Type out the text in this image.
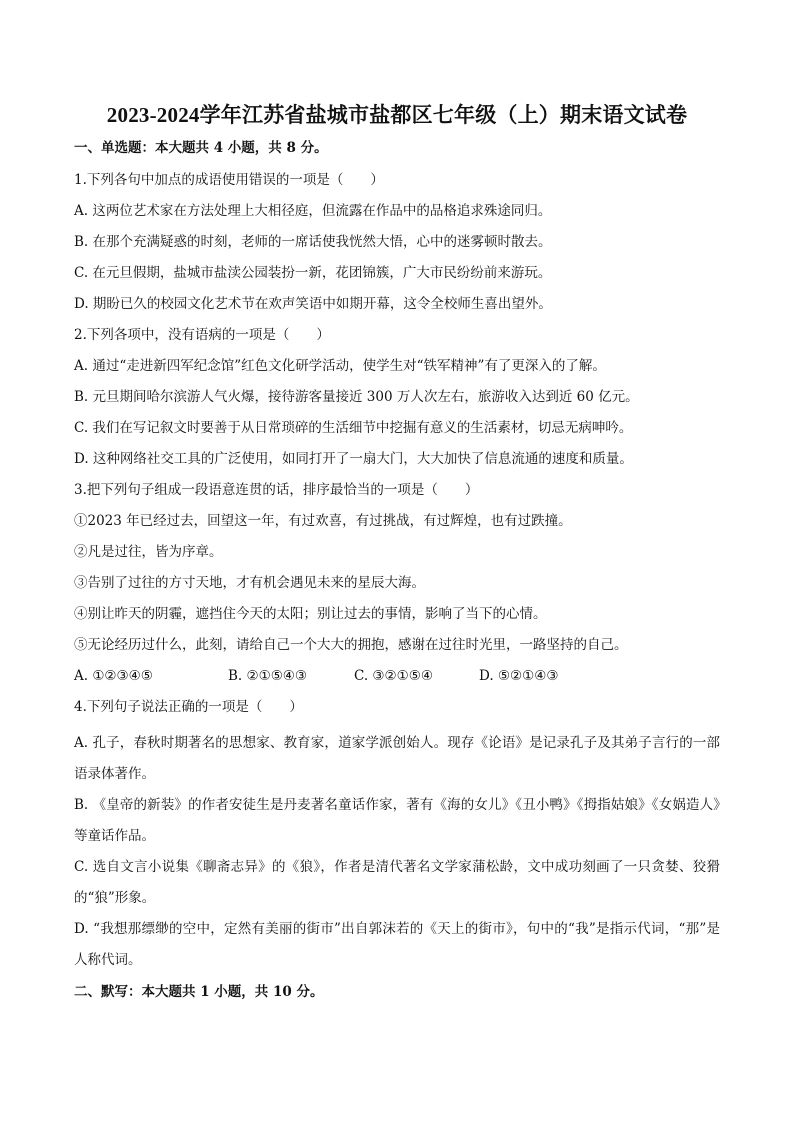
2023-2024学年江苏省盐城市盐都区七年级（上）期末语文试卷
一、单选题：本大题共 4 小题，共 8 分。
1.下列各句中加点的成语使用错误的一项是（　　）
A. 这两位艺术家在方法处理上大相径庭，但流露在作品中的品格追求殊途同归。
B. 在那个充满疑惑的时刻，老师的一席话使我恍然大悟，心中的迷雾顿时散去。
C. 在元旦假期，盐城市盐渎公园装扮一新，花团锦簇，广大市民纷纷前来游玩。
D. 期盼已久的校园文化艺术节在欢声笑语中如期开幕，这令全校师生喜出望外。
2.下列各项中，没有语病的一项是（　　）
A. 通过“走进新四军纪念馆”红色文化研学活动，使学生对“铁军精神”有了更深入的了解。
B. 元旦期间哈尔滨游人气火爆，接待游客量接近 300 万人次左右，旅游收入达到近 60 亿元。
C. 我们在写记叙文时要善于从日常琐碎的生活细节中挖掘有意义的生活素材，切忌无病呻吟。
D. 这种网络社交工具的广泛使用，如同打开了一扇大门，大大加快了信息流通的速度和质量。
3.把下列句子组成一段语意连贯的话，排序最恰当的一项是（　　）
①2023 年已经过去，回望这一年，有过欢喜，有过挑战，有过辉煌，也有过跌撞。
②凡是过往，皆为序章。
③告别了过往的方寸天地，才有机会遇见未来的星辰大海。
④别让昨天的阴霾，遮挡住今天的太阳；别让过去的事情，影响了当下的心情。
⑤无论经历过什么，此刻，请给自己一个大大的拥抱，感谢在过往时光里，一路坚持的自己。
A. ①②③④⑤	B. ②①⑤④③	C. ③②①⑤④	D. ⑤②①④③
4.下列句子说法正确的一项是（　　）
A. 孔子，春秋时期著名的思想家、教育家，道家学派创始人。现存《论语》是记录孔子及其弟子言行的一部语录体著作。
B. 《皇帝的新装》的作者安徒生是丹麦著名童话作家，著有《海的女儿》《丑小鸭》《拇指姑娘》《女娲造人》等童话作品。
C. 选自文言小说集《聊斋志异》的《狼》，作者是清代著名文学家蒲松龄，文中成功刻画了一只贪婪、狡猾的“狼”形象。
D. “我想那缥缈的空中，定然有美丽的街市”出自郭沫若的《天上的街市》，句中的“我”是指示代词，“那”是人称代词。
二、默写：本大题共 1 小题，共 10 分。
